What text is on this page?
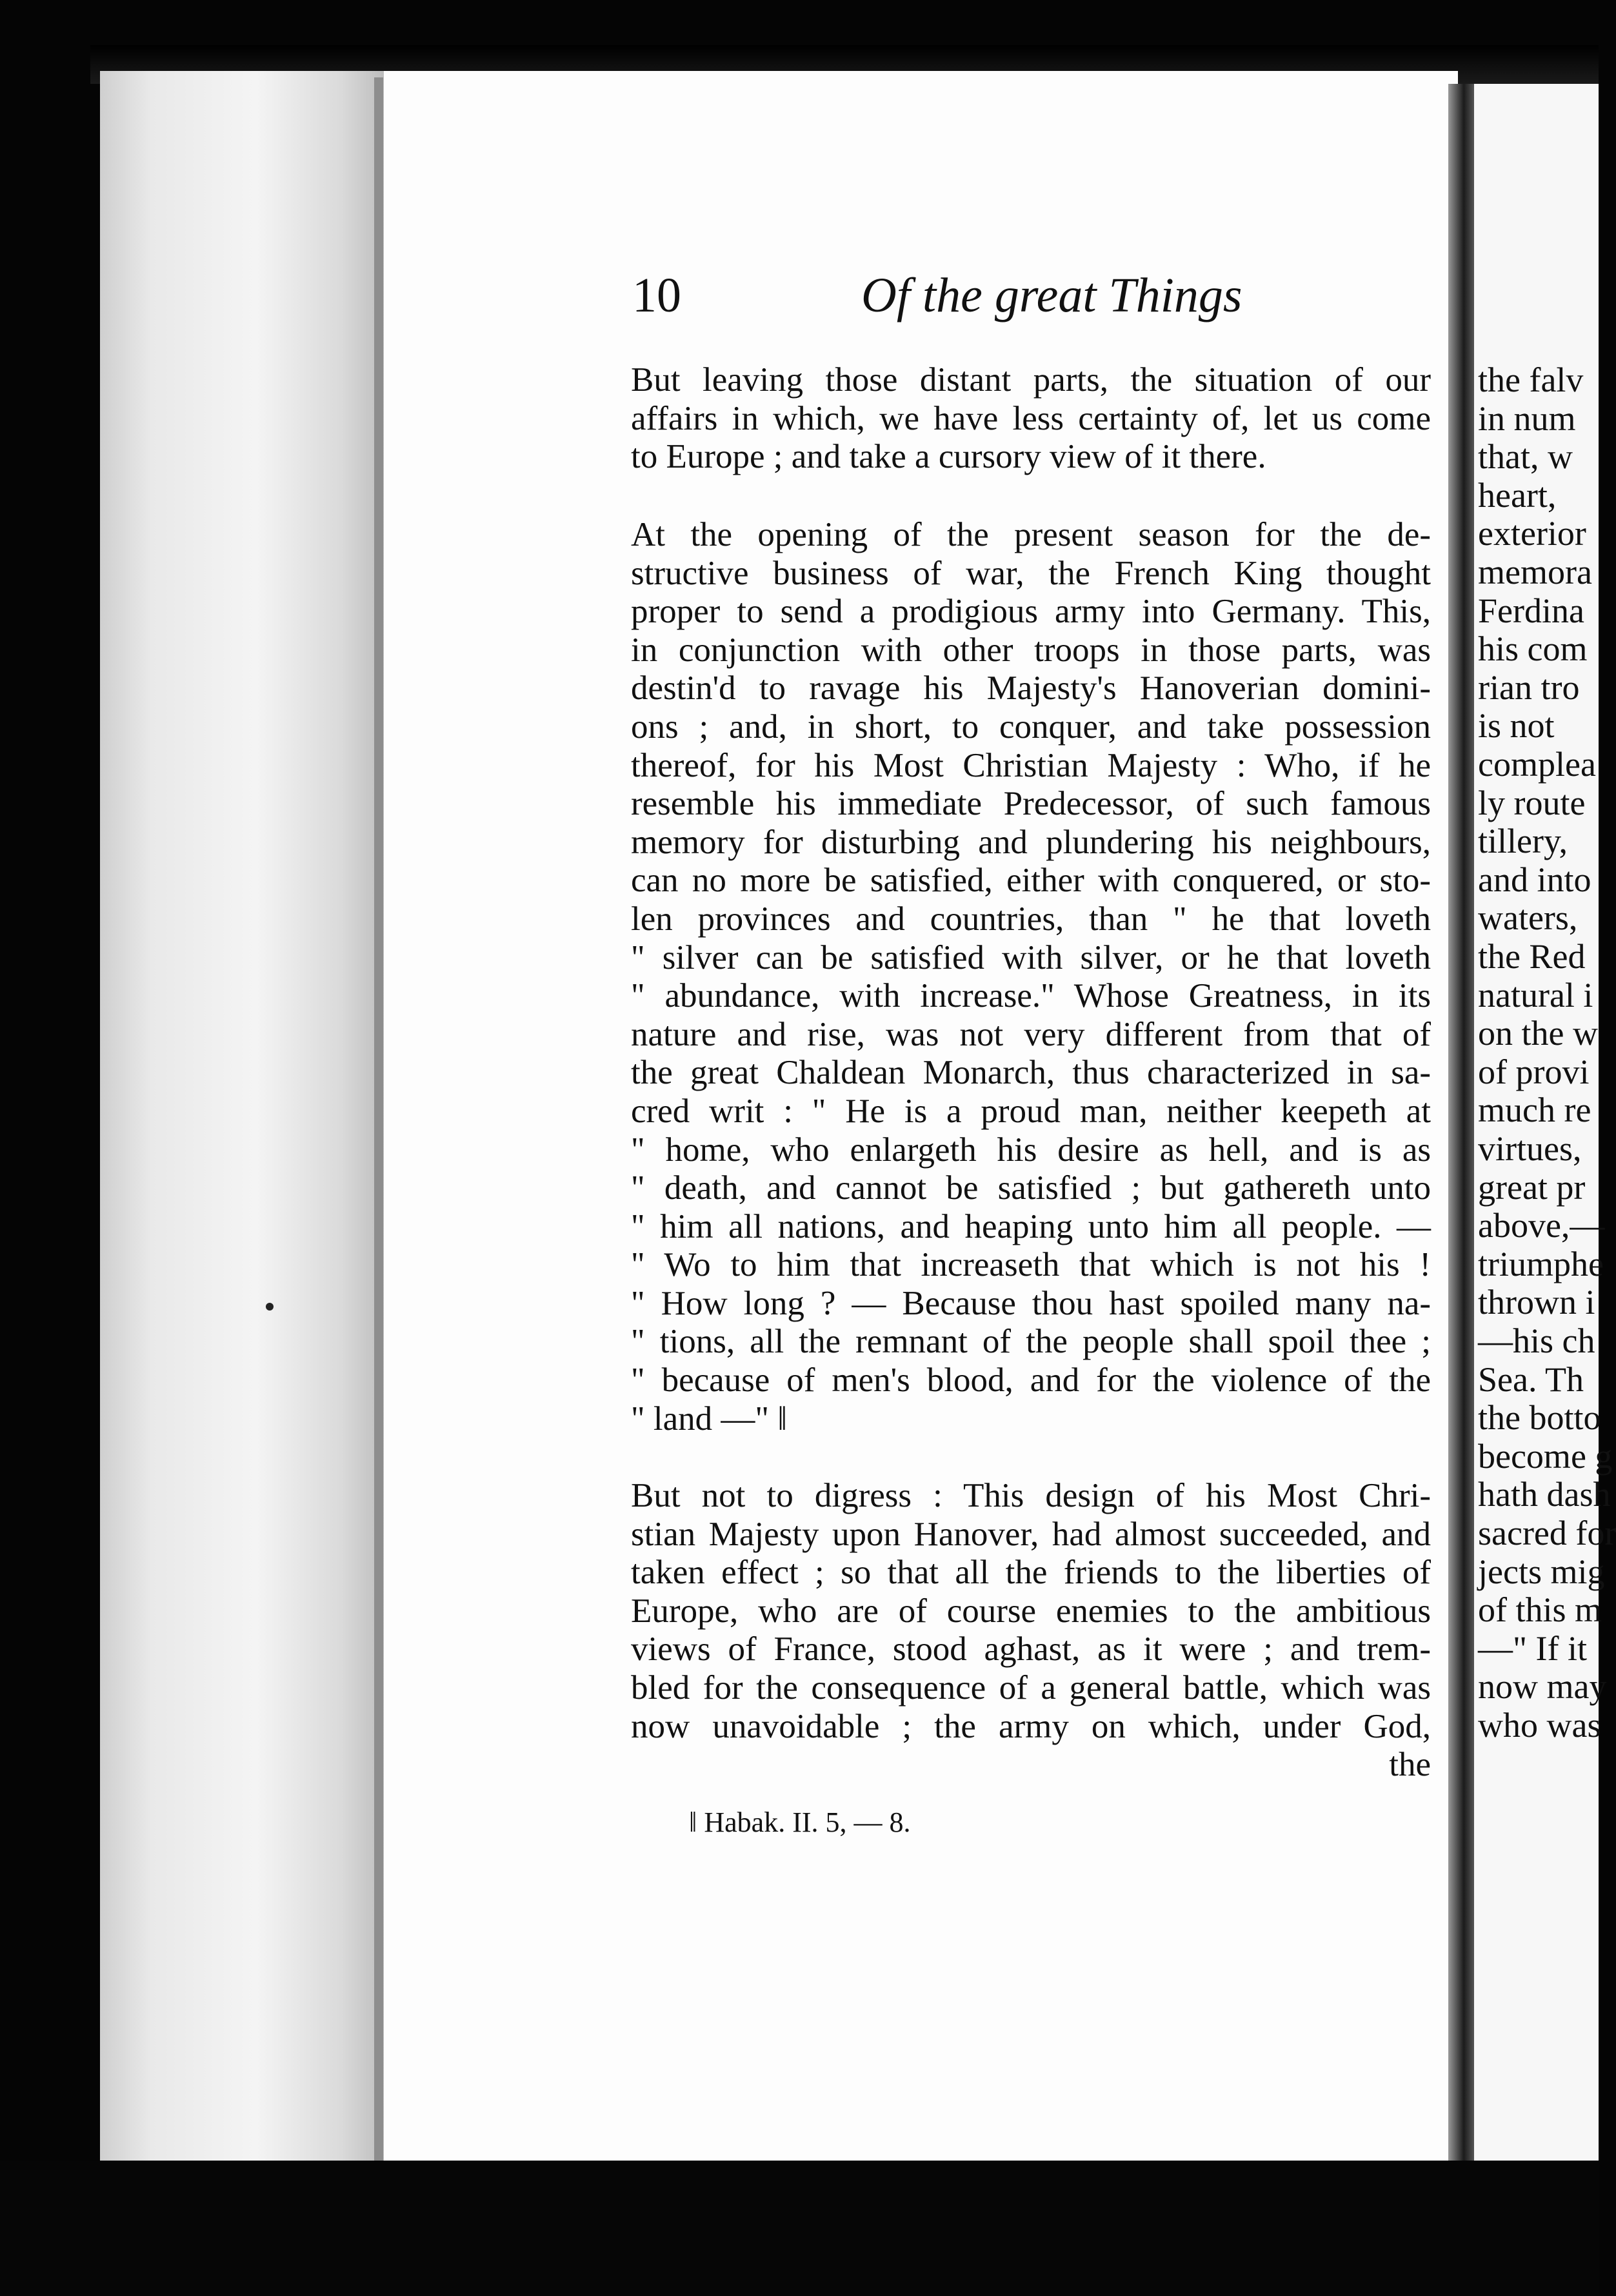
the falv
in num
that, w
heart,
exterior
memora
Ferdina
his com
rian tro
is not
complea
ly route
tillery,
and into
waters,
the Red
natural i
on the w
of provi
much re
virtues,
great pr
above,—
triumphe
thrown i
—his ch
Sea. Th
the botto
become g
hath dash
sacred for
jects mig
of this m
—" If it
now may
who was
10	Of the great Things
But leaving those distant parts, the situation of our
affairs in which, we have less certainty of, let us come
to Europe ; and take a cursory view of it there.
At the opening of the present season for the de-
structive business of war, the French King thought
proper to send a prodigious army into Germany. This,
in conjunction with other troops in those parts, was
destin'd to ravage his Majesty's Hanoverian domini-
ons ; and, in short, to conquer, and take possession
thereof, for his Most Christian Majesty : Who, if he
resemble his immediate Predecessor, of such famous
memory for disturbing and plundering his neighbours,
can no more be satisfied, either with conquered, or sto-
len provinces and countries, than " he that loveth
" silver can be satisfied with silver, or he that loveth
" abundance, with increase." Whose Greatness, in its
nature and rise, was not very different from that of
the great Chaldean Monarch, thus characterized in sa-
cred writ : " He is a proud man, neither keepeth at
" home, who enlargeth his desire as hell, and is as
" death, and cannot be satisfied ; but gathereth unto
" him all nations, and heaping unto him all people. —
" Wo to him that increaseth that which is not his !
" How long ? — Because thou hast spoiled many na-
" tions, all the remnant of the people shall spoil thee ;
" because of men's blood, and for the violence of the
" land —" ‖
But not to digress : This design of his Most Chri-
stian Majesty upon Hanover, had almost succeeded, and
taken effect ; so that all the friends to the liberties of
Europe, who are of course enemies to the ambitious
views of France, stood aghast, as it were ; and trem-
bled for the consequence of a general battle, which was
now unavoidable ; the army on which, under God,
the
‖ Habak. II. 5, — 8.
